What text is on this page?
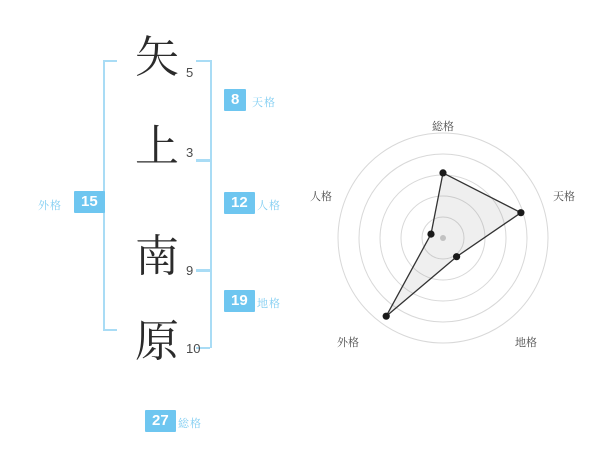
矢 5
上 3
南 9
原 10
8	天格
12 人格
19 地格
15
外格
27 総格
総格
天格
地格
外格
人格
